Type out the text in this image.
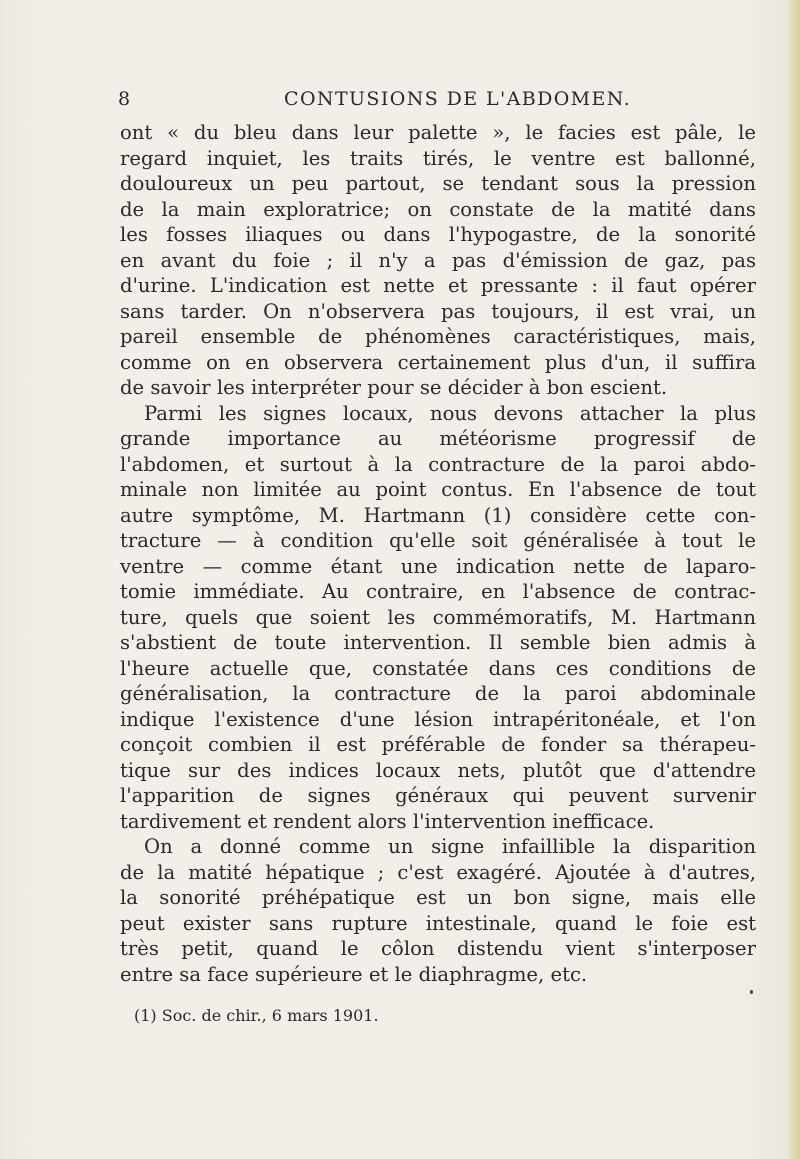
8	CONTUSIONS DE L'ABDOMEN.
ont « du bleu dans leur palette », le facies est pâle, le
regard inquiet, les traits tirés, le ventre est ballonné,
douloureux un peu partout, se tendant sous la pression
de la main exploratrice; on constate de la matité dans
les fosses iliaques ou dans l'hypogastre, de la sonorité
en avant du foie ; il n'y a pas d'émission de gaz, pas
d'urine. L'indication est nette et pressante : il faut opérer
sans tarder. On n'observera pas toujours, il est vrai, un
pareil ensemble de phénomènes caractéristiques, mais,
comme on en observera certainement plus d'un, il suffira
de savoir les interpréter pour se décider à bon escient.
Parmi les signes locaux, nous devons attacher la plus
grande importance au météorisme progressif de
l'abdomen, et surtout à la contracture de la paroi abdo-
minale non limitée au point contus. En l'absence de tout
autre symptôme, M. Hartmann (1) considère cette con-
tracture — à condition qu'elle soit généralisée à tout le
ventre — comme étant une indication nette de laparo-
tomie immédiate. Au contraire, en l'absence de contrac-
ture, quels que soient les commémoratifs, M. Hartmann
s'abstient de toute intervention. Il semble bien admis à
l'heure actuelle que, constatée dans ces conditions de
généralisation, la contracture de la paroi abdominale
indique l'existence d'une lésion intrapéritonéale, et l'on
conçoit combien il est préférable de fonder sa thérapeu-
tique sur des indices locaux nets, plutôt que d'attendre
l'apparition de signes généraux qui peuvent survenir
tardivement et rendent alors l'intervention inefficace.
On a donné comme un signe infaillible la disparition
de la matité hépatique ; c'est exagéré. Ajoutée à d'autres,
la sonorité préhépatique est un bon signe, mais elle
peut exister sans rupture intestinale, quand le foie est
très petit, quand le côlon distendu vient s'interposer
entre sa face supérieure et le diaphragme, etc.
(1) Soc. de chir., 6 mars 1901.
